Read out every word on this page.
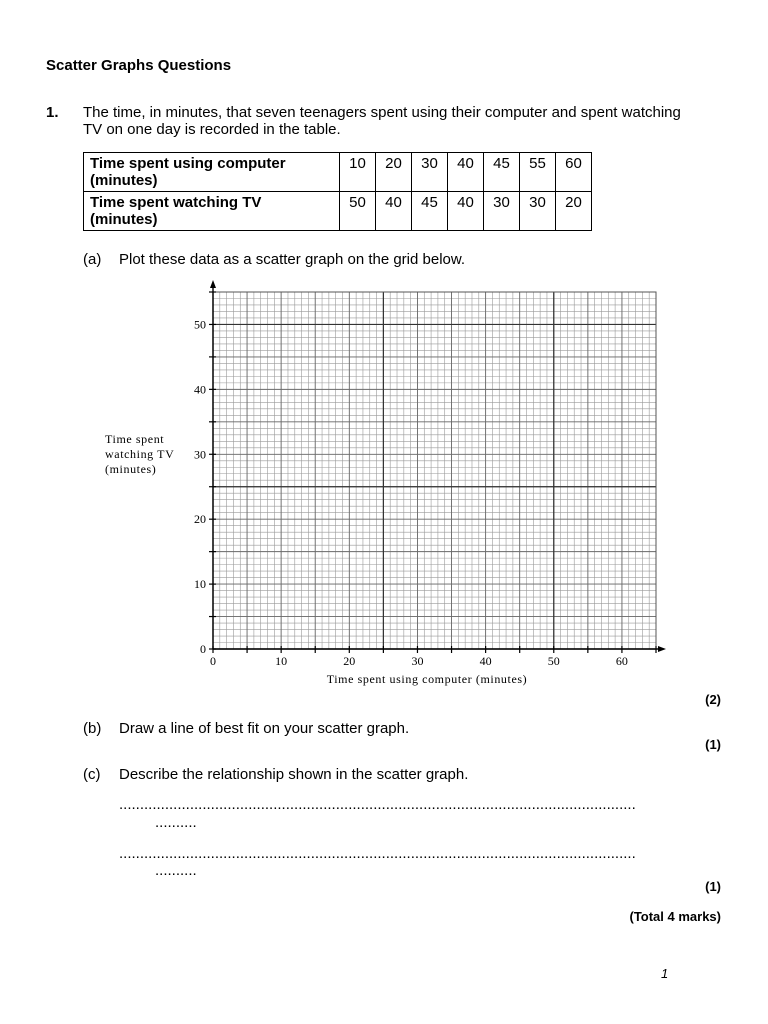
Scatter Graphs Questions
1. The time, in minutes, that seven teenagers spent using their computer and spent watching TV on one day is recorded in the table.
Time spent using computer (minutes)	10	20	30	40	45	55	60
Time spent watching TV (minutes)	50	40	45	40	30	30	20
(a) Plot these data as a scatter graph on the grid below.
0	10	20	30	40	50	60
0
10
20
30
40
50
Time spent using computer (minutes)
Time spent
watching TV
(minutes)
(2)
(b) Draw a line of best fit on your scatter graph.
(1)
(c) Describe the relationship shown in the scatter graph.
............................................................................................................................
..........
............................................................................................................................
..........
(1)
(Total 4 marks)
1
